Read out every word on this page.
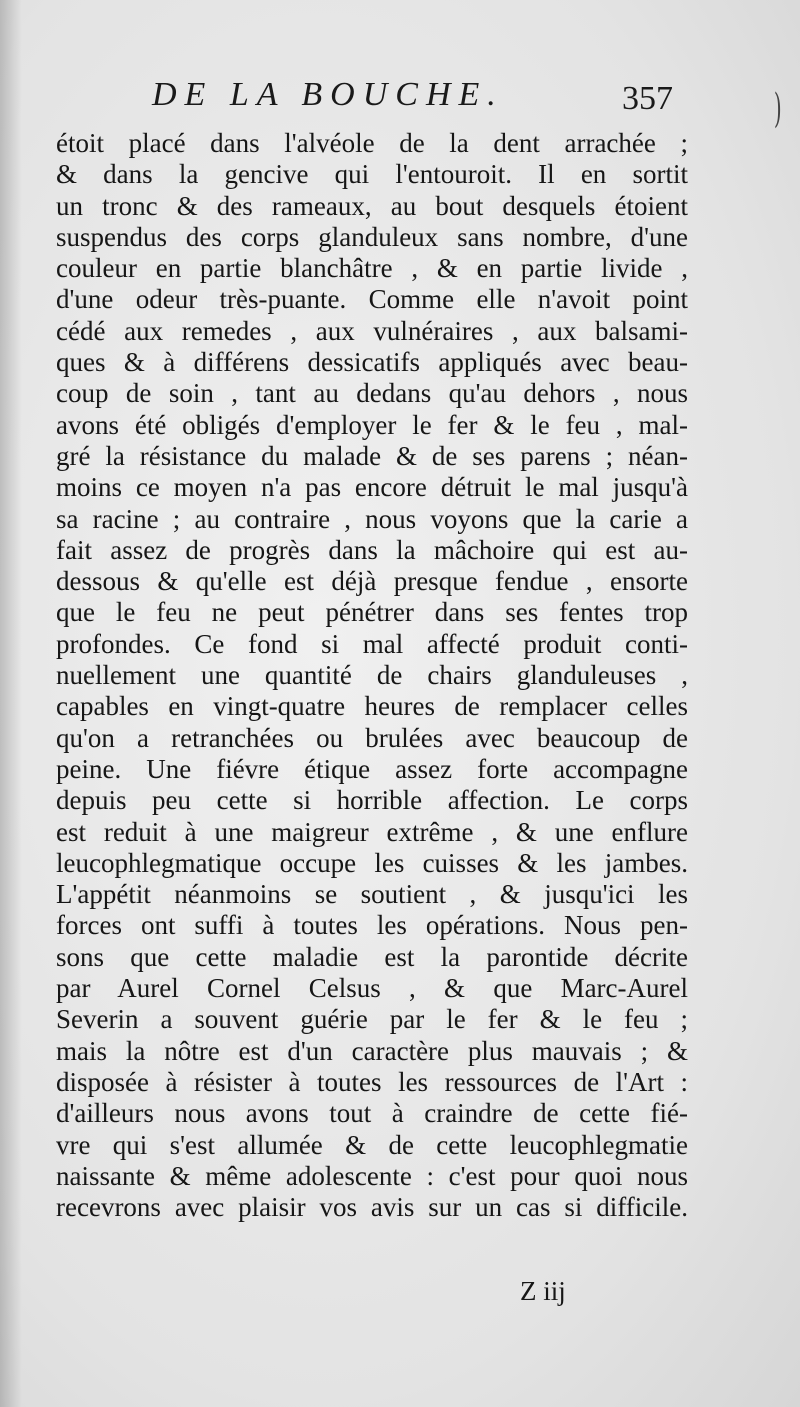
DE LA BOUCHE.	357	)
étoit placé dans l'alvéole de la dent arrachée ;
& dans la gencive qui l'entouroit. Il en sortit
un tronc & des rameaux, au bout desquels étoient
suspendus des corps glanduleux sans nombre, d'une
couleur en partie blanchâtre , & en partie livide ,
d'une odeur très-puante. Comme elle n'avoit point
cédé aux remedes , aux vulnéraires , aux balsami-
ques & à différens dessicatifs appliqués avec beau-
coup de soin , tant au dedans qu'au dehors , nous
avons été obligés d'employer le fer & le feu , mal-
gré la résistance du malade & de ses parens ; néan-
moins ce moyen n'a pas encore détruit le mal jusqu'à
sa racine ; au contraire , nous voyons que la carie a
fait assez de progrès dans la mâchoire qui est au-
dessous & qu'elle est déjà presque fendue , ensorte
que le feu ne peut pénétrer dans ses fentes trop
profondes. Ce fond si mal affecté produit conti-
nuellement une quantité de chairs glanduleuses ,
capables en vingt-quatre heures de remplacer celles
qu'on a retranchées ou brulées avec beaucoup de
peine. Une fiévre étique assez forte accompagne
depuis peu cette si horrible affection. Le corps
est reduit à une maigreur extrême , & une enflure
leucophlegmatique occupe les cuisses & les jambes.
L'appétit néanmoins se soutient , & jusqu'ici les
forces ont suffi à toutes les opérations. Nous pen-
sons que cette maladie est la parontide décrite
par Aurel Cornel Celsus , & que Marc-Aurel
Severin a souvent guérie par le fer & le feu ;
mais la nôtre est d'un caractère plus mauvais ; &
disposée à résister à toutes les ressources de l'Art :
d'ailleurs nous avons tout à craindre de cette fié-
vre qui s'est allumée & de cette leucophlegmatie
naissante & même adolescente : c'est pour quoi nous
recevrons avec plaisir vos avis sur un cas si difficile.
Z iij
